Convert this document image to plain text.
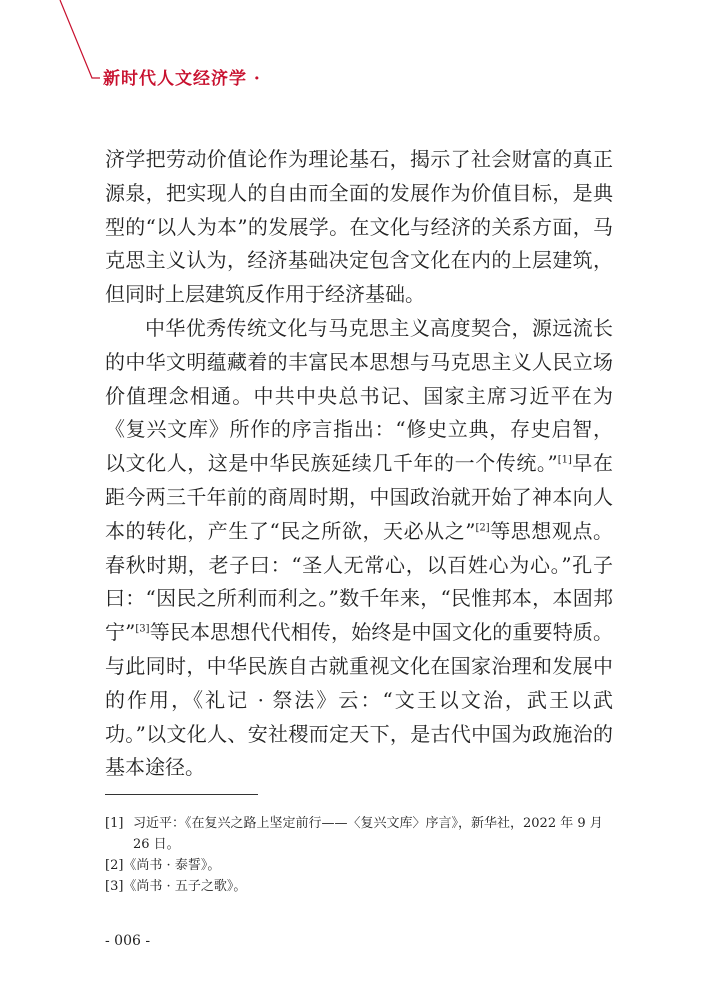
新时代人文经济学 ·

济学把劳动价值论作为理论基石，揭示了社会财富的真正源泉，把实现人的自由而全面的发展作为价值目标，是典型的“以人为本”的发展学。在文化与经济的关系方面，马克思主义认为，经济基础决定包含文化在内的上层建筑，但同时上层建筑反作用于经济基础。

中华优秀传统文化与马克思主义高度契合，源远流长的中华文明蕴藏着的丰富民本思想与马克思主义人民立场价值理念相通。中共中央总书记、国家主席习近平在为《复兴文库》所作的序言指出：“修史立典，存史启智，以文化人，这是中华民族延续几千年的一个传统。”[1]早在距今两三千年前的商周时期，中国政治就开始了神本向人本的转化，产生了“民之所欲，天必从之”[2]等思想观点。春秋时期，老子曰：“圣人无常心，以百姓心为心。”孔子曰：“因民之所利而利之。”数千年来，“民惟邦本，本固邦宁”[3]等民本思想代代相传，始终是中国文化的重要特质。与此同时，中华民族自古就重视文化在国家治理和发展中的作用，《礼记 · 祭法》云：“文王以文治，武王以武功。”以文化人、安社稷而定天下，是古代中国为政施治的基本途径。

[1] 习近平：《在复兴之路上坚定前行——〈复兴文库〉序言》，新华社，2022 年 9 月 26 日。
[2] 《尚书 · 泰誓》。
[3] 《尚书 · 五子之歌》。
- 006 -
